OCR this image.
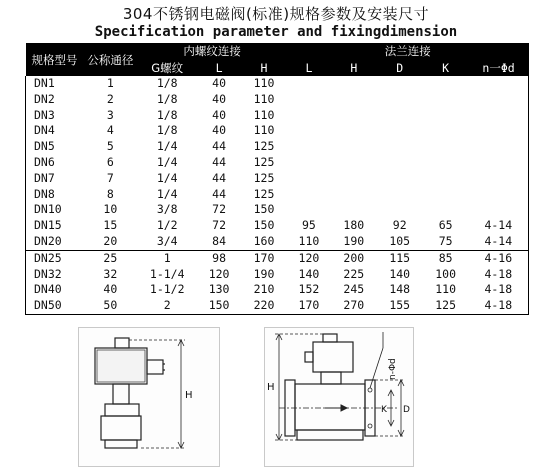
304不锈钢电磁阀(标准)规格参数及安装尺寸
Specification parameter and fixingdimension
规格型号	公称通径	内螺纹连接			法兰连接				
		G螺纹	L	H	L	H	D	K	n一Φd
DN1	1	1/8	40	110					
DN2	2	1/8	40	110					
DN3	3	1/8	40	110					
DN4	4	1/8	40	110					
DN5	5	1/4	44	125					
DN6	6	1/4	44	125					
DN7	7	1/4	44	125					
DN8	8	1/4	44	125					
DN10	10	3/8	72	150					
DN15	15	1/2	72	150	95	180	92	65	4-14
DN20	20	3/4	84	160	110	190	105	75	4-14
DN25	25	1	98	170	120	200	115	85	4-16
DN32	32	1-1/4	120	190	140	225	140	100	4-18
DN40	40	1-1/2	130	210	152	245	148	110	4-18
DN50	50	2	150	220	170	270	155	125	4-18
H
H
K D
n-Φd
